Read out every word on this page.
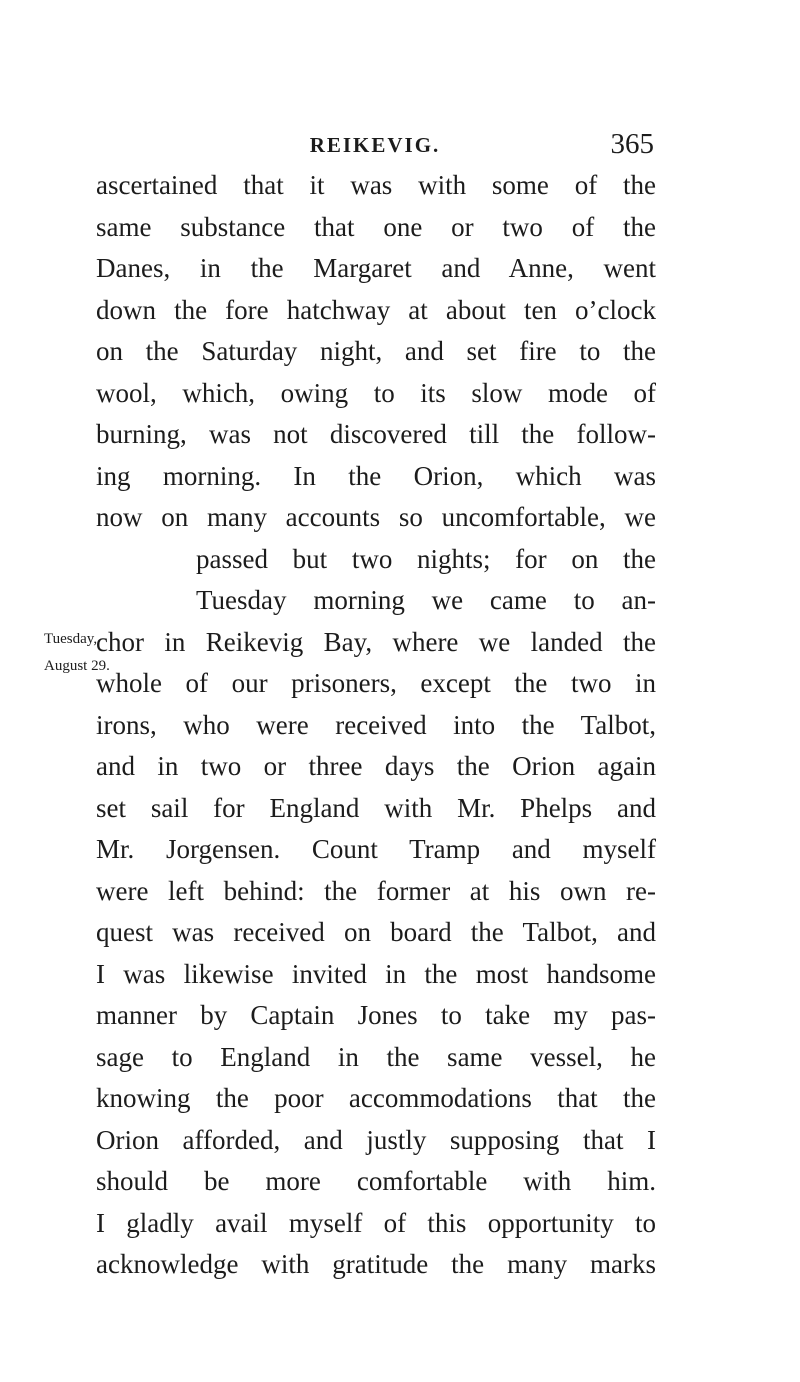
REIKEVIG.	365
Tuesday,
August 29.
ascertained that it was with some of the
same substance that one or two of the
Danes, in the Margaret and Anne, went
down the fore hatchway at about ten o’clock
on the Saturday night, and set fire to the
wool, which, owing to its slow mode of
burning, was not discovered till the follow-
ing morning. In the Orion, which was
now on many accounts so uncomfortable, we
passed but two nights; for on the
Tuesday morning we came to an-
chor in Reikevig Bay, where we landed the
whole of our prisoners, except the two in
irons, who were received into the Talbot,
and in two or three days the Orion again
set sail for England with Mr. Phelps and
Mr. Jorgensen. Count Tramp and myself
were left behind: the former at his own re-
quest was received on board the Talbot, and
I was likewise invited in the most handsome
manner by Captain Jones to take my pas-
sage to England in the same vessel, he
knowing the poor accommodations that the
Orion afforded, and justly supposing that I
should be more comfortable with him.
I gladly avail myself of this opportunity to
acknowledge with gratitude the many marks
